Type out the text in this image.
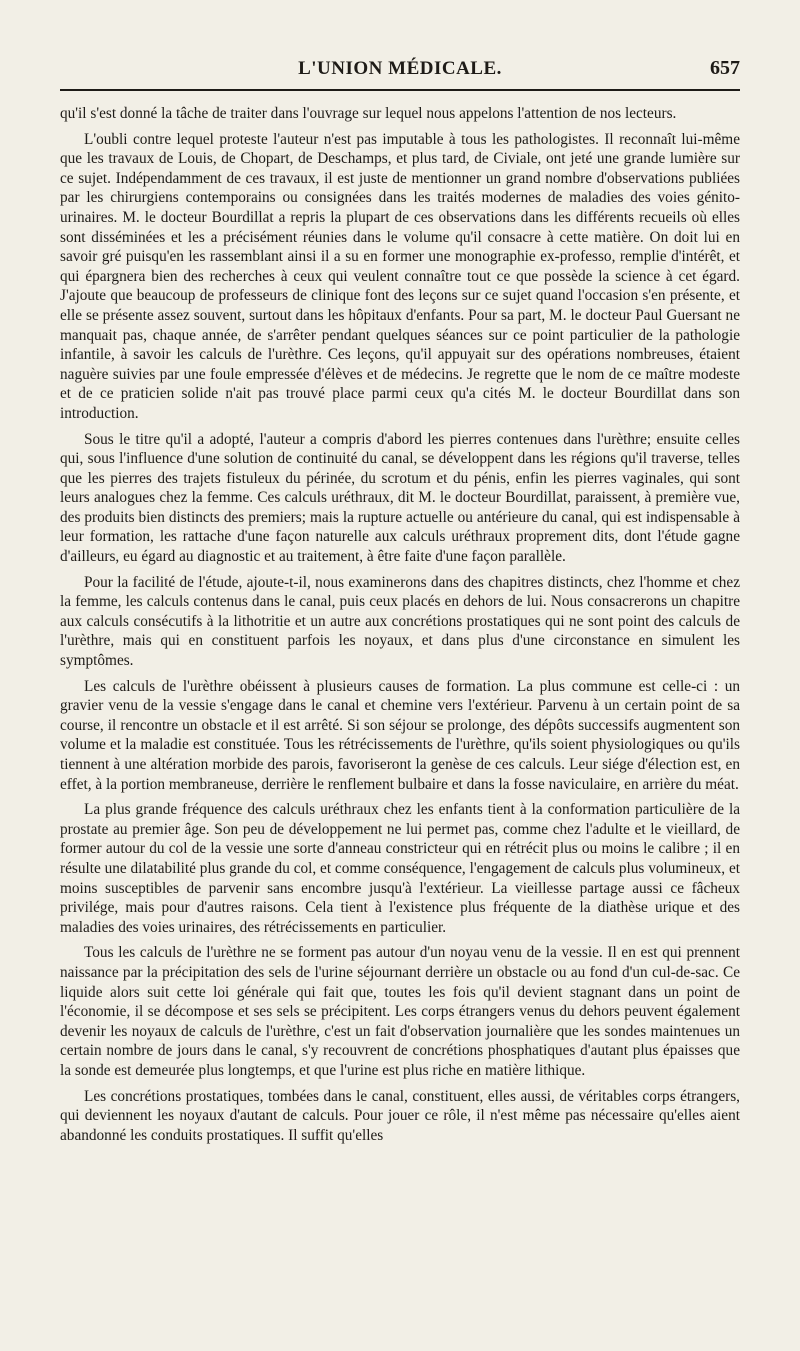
L'UNION MÉDICALE.	657

qu'il s'est donné la tâche de traiter dans l'ouvrage sur lequel nous appelons l'attention de nos lecteurs.

L'oubli contre lequel proteste l'auteur n'est pas imputable à tous les pathologistes. Il reconnaît lui-même que les travaux de Louis, de Chopart, de Deschamps, et plus tard, de Civiale, ont jeté une grande lumière sur ce sujet. Indépendamment de ces travaux, il est juste de mentionner un grand nombre d'observations publiées par les chirurgiens contemporains ou consignées dans les traités modernes de maladies des voies génito-urinaires. M. le docteur Bourdillat a repris la plupart de ces observations dans les différents recueils où elles sont disséminées et les a précisément réunies dans le volume qu'il consacre à cette matière. On doit lui en savoir gré puisqu'en les rassemblant ainsi il a su en former une monographie ex-professo, remplie d'intérêt, et qui épargnera bien des recherches à ceux qui veulent connaître tout ce que possède la science à cet égard. J'ajoute que beaucoup de professeurs de clinique font des leçons sur ce sujet quand l'occasion s'en présente, et elle se présente assez souvent, surtout dans les hôpitaux d'enfants. Pour sa part, M. le docteur Paul Guersant ne manquait pas, chaque année, de s'arrêter pendant quelques séances sur ce point particulier de la pathologie infantile, à savoir les calculs de l'urèthre. Ces leçons, qu'il appuyait sur des opérations nombreuses, étaient naguère suivies par une foule empressée d'élèves et de médecins. Je regrette que le nom de ce maître modeste et de ce praticien solide n'ait pas trouvé place parmi ceux qu'a cités M. le docteur Bourdillat dans son introduction.

Sous le titre qu'il a adopté, l'auteur a compris d'abord les pierres contenues dans l'urèthre; ensuite celles qui, sous l'influence d'une solution de continuité du canal, se développent dans les régions qu'il traverse, telles que les pierres des trajets fistuleux du périnée, du scrotum et du pénis, enfin les pierres vaginales, qui sont leurs analogues chez la femme. Ces calculs uréthraux, dit M. le docteur Bourdillat, paraissent, à première vue, des produits bien distincts des premiers; mais la rupture actuelle ou antérieure du canal, qui est indispensable à leur formation, les rattache d'une façon naturelle aux calculs uréthraux proprement dits, dont l'étude gagne d'ailleurs, eu égard au diagnostic et au traitement, à être faite d'une façon parallèle.

Pour la facilité de l'étude, ajoute-t-il, nous examinerons dans des chapitres distincts, chez l'homme et chez la femme, les calculs contenus dans le canal, puis ceux placés en dehors de lui. Nous consacrerons un chapitre aux calculs consécutifs à la lithotritie et un autre aux concrétions prostatiques qui ne sont point des calculs de l'urèthre, mais qui en constituent parfois les noyaux, et dans plus d'une circonstance en simulent les symptômes.

Les calculs de l'urèthre obéissent à plusieurs causes de formation. La plus commune est celle-ci : un gravier venu de la vessie s'engage dans le canal et chemine vers l'extérieur. Parvenu à un certain point de sa course, il rencontre un obstacle et il est arrêté. Si son séjour se prolonge, des dépôts successifs augmentent son volume et la maladie est constituée. Tous les rétrécissements de l'urèthre, qu'ils soient physiologiques ou qu'ils tiennent à une altération morbide des parois, favoriseront la genèse de ces calculs. Leur siége d'élection est, en effet, à la portion membraneuse, derrière le renflement bulbaire et dans la fosse naviculaire, en arrière du méat.

La plus grande fréquence des calculs uréthraux chez les enfants tient à la conformation particulière de la prostate au premier âge. Son peu de développement ne lui permet pas, comme chez l'adulte et le vieillard, de former autour du col de la vessie une sorte d'anneau constricteur qui en rétrécit plus ou moins le calibre ; il en résulte une dilatabilité plus grande du col, et comme conséquence, l'engagement de calculs plus volumineux, et moins susceptibles de parvenir sans encombre jusqu'à l'extérieur. La vieillesse partage aussi ce fâcheux privilége, mais pour d'autres raisons. Cela tient à l'existence plus fréquente de la diathèse urique et des maladies des voies urinaires, des rétrécissements en particulier.

Tous les calculs de l'urèthre ne se forment pas autour d'un noyau venu de la vessie. Il en est qui prennent naissance par la précipitation des sels de l'urine séjournant derrière un obstacle ou au fond d'un cul-de-sac. Ce liquide alors suit cette loi générale qui fait que, toutes les fois qu'il devient stagnant dans un point de l'économie, il se décompose et ses sels se précipitent. Les corps étrangers venus du dehors peuvent également devenir les noyaux de calculs de l'urèthre, c'est un fait d'observation journalière que les sondes maintenues un certain nombre de jours dans le canal, s'y recouvrent de concrétions phosphatiques d'autant plus épaisses que la sonde est demeurée plus longtemps, et que l'urine est plus riche en matière lithique.

Les concrétions prostatiques, tombées dans le canal, constituent, elles aussi, de véritables corps étrangers, qui deviennent les noyaux d'autant de calculs. Pour jouer ce rôle, il n'est même pas nécessaire qu'elles aient abandonné les conduits prostatiques. Il suffit qu'elles
